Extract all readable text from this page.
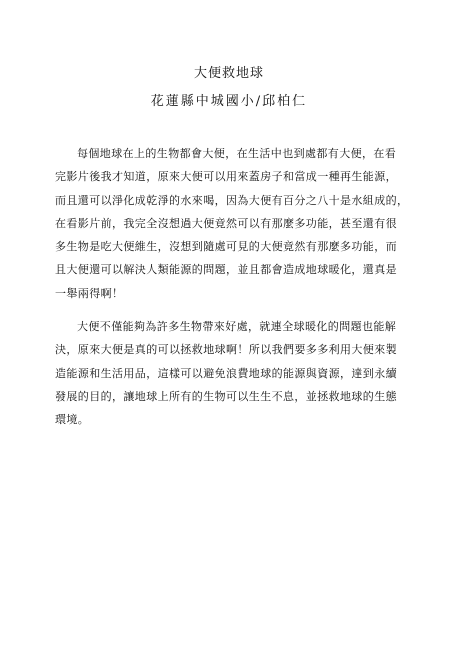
大便救地球
花蓮縣中城國小/邱柏仁
每個地球在上的生物都會大便，在生活中也到處都有大便，在看
完影片後我才知道，原來大便可以用來蓋房子和當成一種再生能源，
而且還可以淨化成乾淨的水來喝，因為大便有百分之八十是水組成的，
在看影片前，我完全沒想過大便竟然可以有那麼多功能，甚至還有很
多生物是吃大便維生，沒想到隨處可見的大便竟然有那麼多功能，而
且大便還可以解決人類能源的問題，並且都會造成地球暖化，還真是
一舉兩得啊！
大便不僅能夠為許多生物帶來好處，就連全球暖化的問題也能解
決，原來大便是真的可以拯救地球啊！所以我們要多多利用大便來製
造能源和生活用品，這樣可以避免浪費地球的能源與資源，達到永續
發展的目的，讓地球上所有的生物可以生生不息，並拯救地球的生態
環境。
